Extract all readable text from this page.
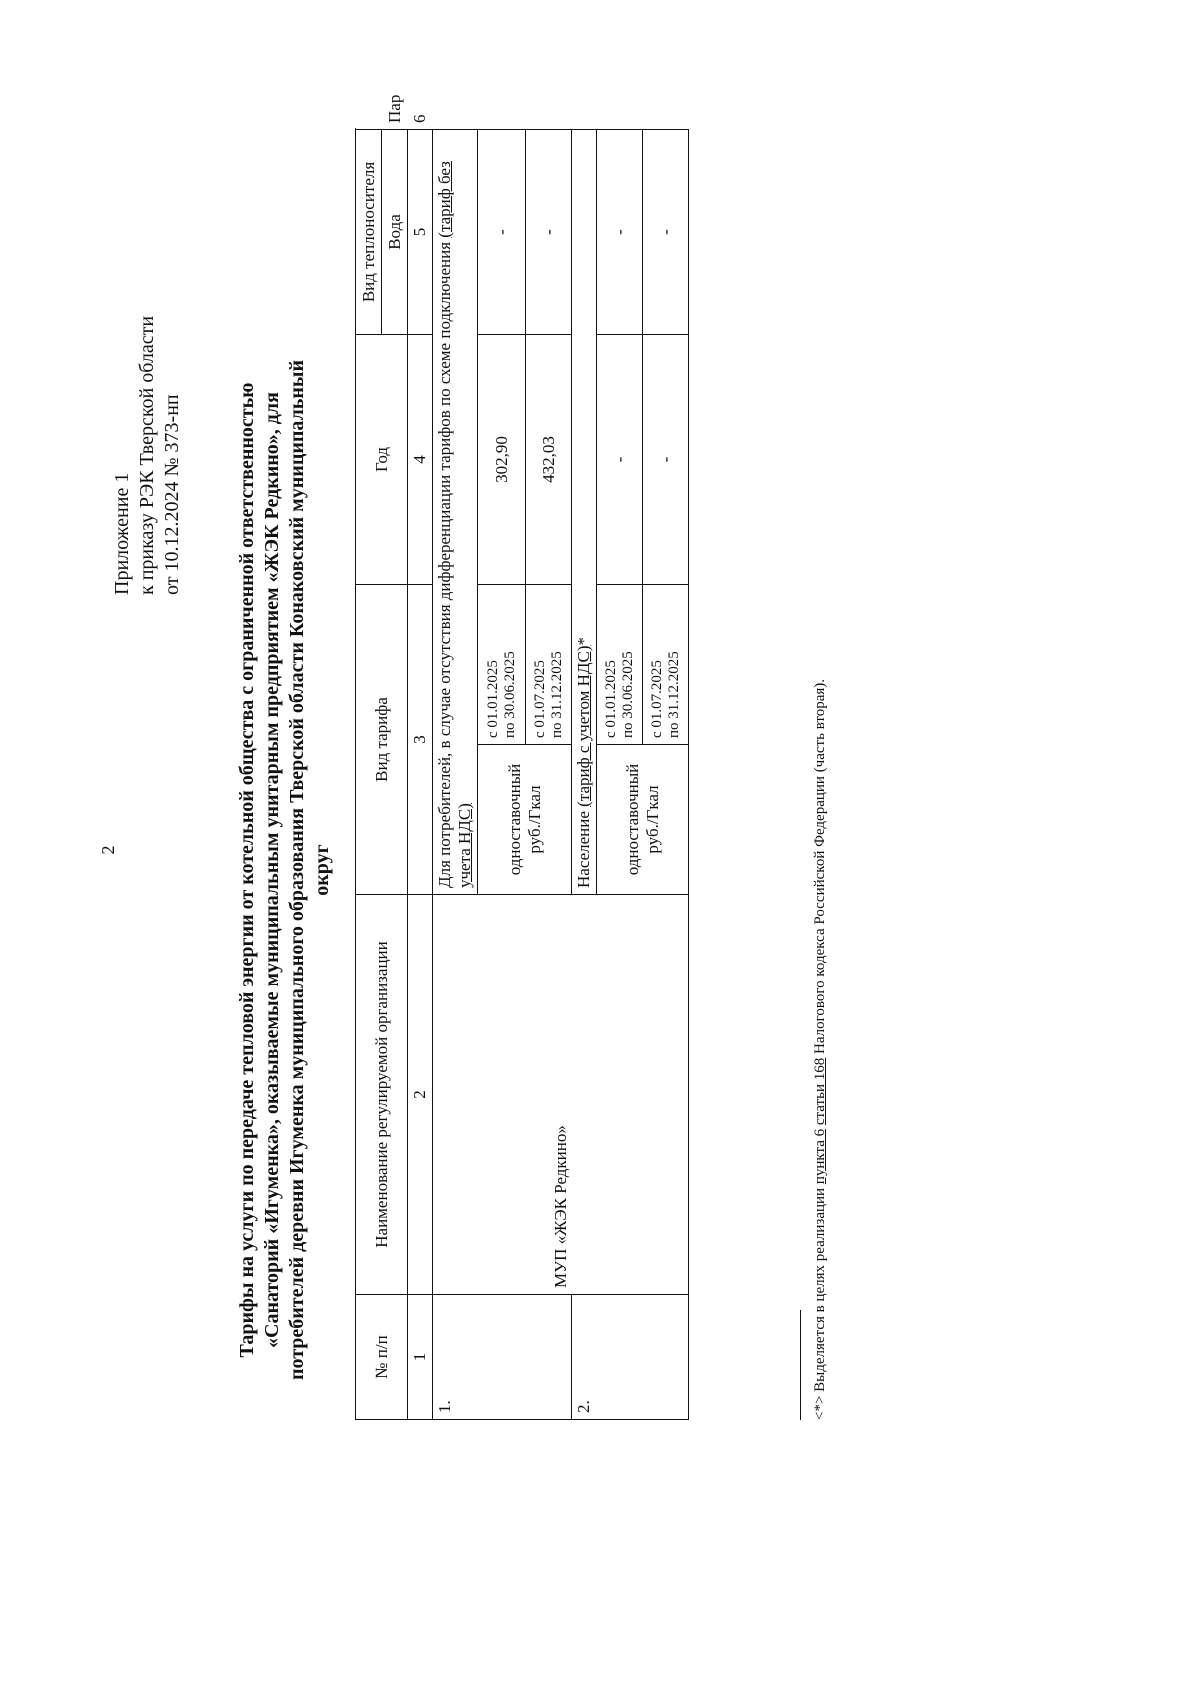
2
Приложение 1 к приказу РЭК Тверской области от 10.12.2024 № 373-нп	Тарифы на услуги по передаче тепловой энергии от котельной общества с ограниченной ответственностью «Санаторий «Игуменка», оказываемые муниципальным унитарным предприятием «ЖЭК Редкино», для потребителей деревни Игуменка муниципального образования Тверской области Конаковский муниципальный округ
№ п/п	Наименование регулируемой организации	Вид тарифа		Год	Вид теплоносителя	
					Вода	Пар
1	2	3		4	5	6
1.	МУП «ЖЭК Редкино»	Для потребителей, в случае отсутствия дифференциации тарифов по схеме подключения (тариф без учета НДС)				
		одноставочный руб./Гкал	с 01.01.2025 по 30.06.2025	302,90	-	

			с 01.07.2025 по 31.12.2025	432,03	-	
2.		Население (тариф с учетом НДС)*				
		одноставочный руб./Гкал	с 01.01.2025 по 30.06.2025	-	-	

			с 01.07.2025 по 31.12.2025	-	-	
<*> Выделяется в целях реализации пункта 6 статьи 168 Налогового кодекса Российской Федерации (часть вторая).
